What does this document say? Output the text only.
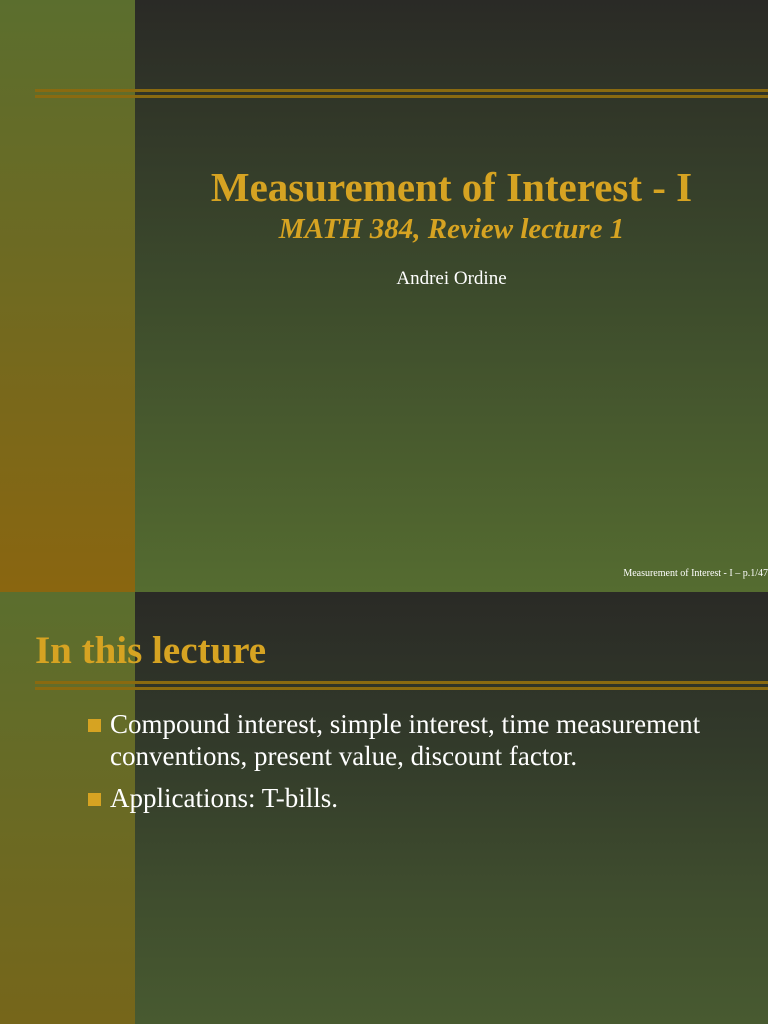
Measurement of Interest - I
MATH 384, Review lecture 1
Andrei Ordine
Measurement of Interest - I – p.1/47
In this lecture
Compound interest, simple interest, time measurement conventions, present value, discount factor.
Applications: T-bills.
